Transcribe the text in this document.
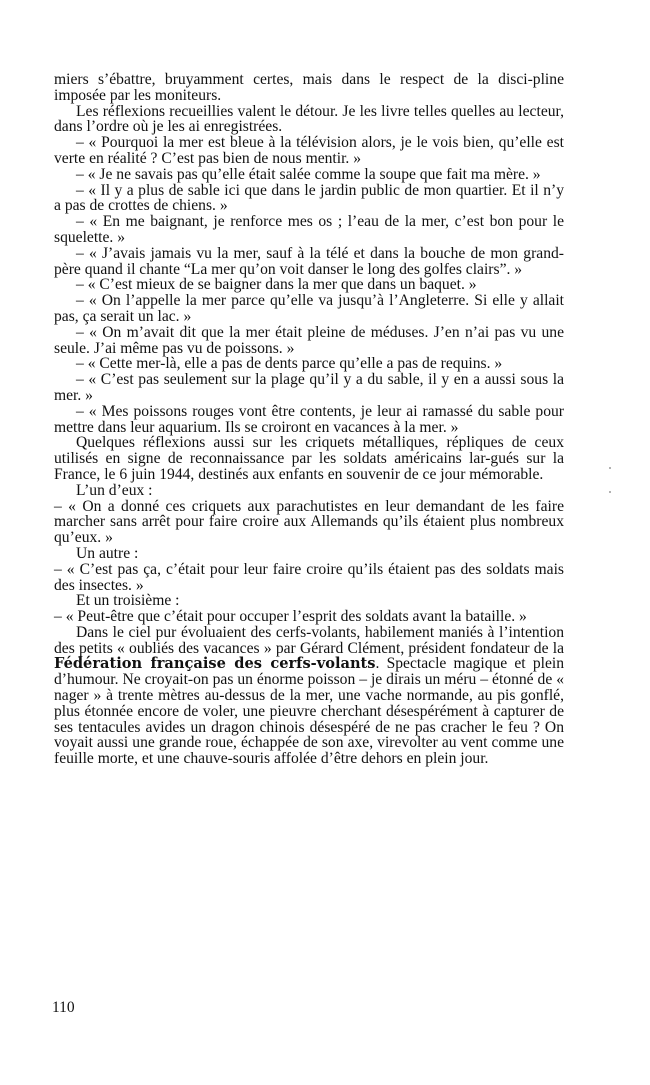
miers s’ébattre, bruyamment certes, mais dans le respect de la disci-pline imposée par les moniteurs.

Les réflexions recueillies valent le détour. Je les livre telles quelles au lecteur, dans l’ordre où je les ai enregistrées.

– « Pourquoi la mer est bleue à la télévision alors, je le vois bien, qu’elle est verte en réalité ? C’est pas bien de nous mentir. »

– « Je ne savais pas qu’elle était salée comme la soupe que fait ma mère. »

– « Il y a plus de sable ici que dans le jardin public de mon quartier. Et il n’y a pas de crottes de chiens. »

– « En me baignant, je renforce mes os ; l’eau de la mer, c’est bon pour le squelette. »

– « J’avais jamais vu la mer, sauf à la télé et dans la bouche de mon grand-père quand il chante “La mer qu’on voit danser le long des golfes clairs”. »

– « C’est mieux de se baigner dans la mer que dans un baquet. »

– « On l’appelle la mer parce qu’elle va jusqu’à l’Angleterre. Si elle y allait pas, ça serait un lac. »

– « On m’avait dit que la mer était pleine de méduses. J’en n’ai pas vu une seule. J’ai même pas vu de poissons. »

– « Cette mer-là, elle a pas de dents parce qu’elle a pas de requins. »

– « C’est pas seulement sur la plage qu’il y a du sable, il y en a aussi sous la mer. »

– « Mes poissons rouges vont être contents, je leur ai ramassé du sable pour mettre dans leur aquarium. Ils se croiront en vacances à la mer. »

Quelques réflexions aussi sur les criquets métalliques, répliques de ceux utilisés en signe de reconnaissance par les soldats américains lar-gués sur la France, le 6 juin 1944, destinés aux enfants en souvenir de ce jour mémorable.

L’un d’eux :

– « On a donné ces criquets aux parachutistes en leur demandant de les faire marcher sans arrêt pour faire croire aux Allemands qu’ils étaient plus nombreux qu’eux. »

Un autre :

– « C’est pas ça, c’était pour leur faire croire qu’ils étaient pas des soldats mais des insectes. »

Et un troisième :

– « Peut-être que c’était pour occuper l’esprit des soldats avant la bataille. »

Dans le ciel pur évoluaient des cerfs-volants, habilement maniés à l’intention des petits « oubliés des vacances » par Gérard Clément, président fondateur de la Fédération française des cerfs-volants. Spectacle magique et plein d’humour. Ne croyait-on pas un énorme poisson – je dirais un méru – étonné de « nager » à trente mètres au-dessus de la mer, une vache normande, au pis gonflé, plus étonnée encore de voler, une pieuvre cherchant désespérément à capturer de ses tentacules avides un dragon chinois désespéré de ne pas cracher le feu ? On voyait aussi une grande roue, échappée de son axe, virevolter au vent comme une feuille morte, et une chauve-souris affolée d’être dehors en plein jour.

110
